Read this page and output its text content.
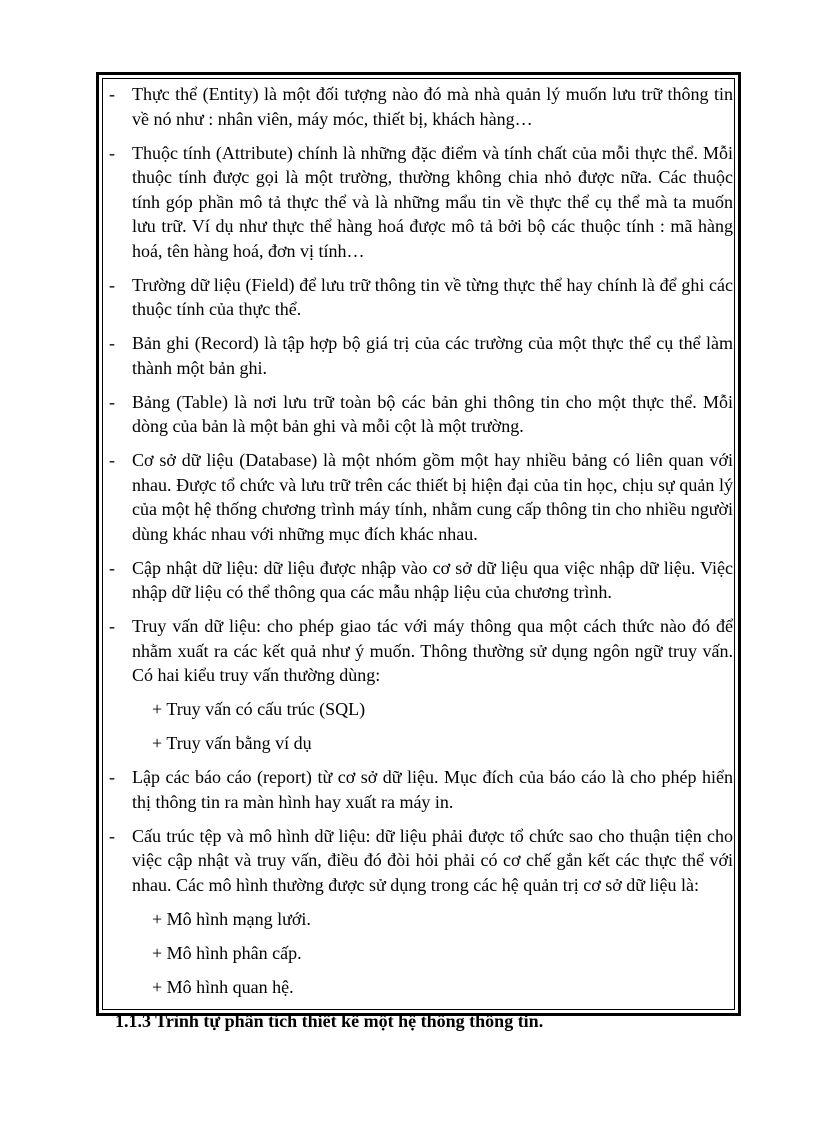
- Thực thể (Entity) là một đối tượng nào đó mà nhà quản lý muốn lưu trữ thông tin về nó như : nhân viên, máy móc, thiết bị, khách hàng…
- Thuộc tính (Attribute) chính là những đặc điểm và tính chất của mỗi thực thể. Mỗi thuộc tính được gọi là một trường, thường không chia nhỏ được nữa. Các thuộc tính góp phần mô tả thực thể và là những mẩu tin về thực thể cụ thể mà ta muốn lưu trữ. Ví dụ như thực thể hàng hoá được mô tả bởi bộ các thuộc tính : mã hàng hoá, tên hàng hoá, đơn vị tính…
- Trường dữ liệu (Field) để lưu trữ thông tin về từng thực thể hay chính là để ghi các thuộc tính của thực thể.
- Bản ghi (Record) là tập hợp bộ giá trị của các trường của một thực thể cụ thể làm thành một bản ghi.
- Bảng (Table) là nơi lưu trữ toàn bộ các bản ghi thông tin cho một thực thể. Mỗi dòng của bản là một bản ghi và mỗi cột là một trường.
- Cơ sở dữ liệu (Database) là một nhóm gồm một hay nhiều bảng có liên quan với nhau. Được tổ chức và lưu trữ trên các thiết bị hiện đại của tin học, chịu sự quản lý của một hệ thống chương trình máy tính, nhằm cung cấp thông tin cho nhiều người dùng khác nhau với những mục đích khác nhau.
- Cập nhật dữ liệu: dữ liệu được nhập vào cơ sở dữ liệu qua việc nhập dữ liệu. Việc nhập dữ liệu có thể thông qua các mẫu nhập liệu của chương trình.
- Truy vấn dữ liệu: cho phép giao tác với máy thông qua một cách thức nào đó để nhằm xuất ra các kết quả như ý muốn. Thông thường sử dụng ngôn ngữ truy vấn. Có hai kiểu truy vấn thường dùng:
+ Truy vấn có cấu trúc (SQL)
+ Truy vấn bằng ví dụ
- Lập các báo cáo (report) từ cơ sở dữ liệu. Mục đích của báo cáo là cho phép hiển thị thông tin ra màn hình hay xuất ra máy in.
- Cấu trúc tệp và mô hình dữ liệu: dữ liệu phải được tổ chức sao cho thuận tiện cho việc cập nhật và truy vấn, điều đó đòi hỏi phải có cơ chế gắn kết các thực thể với nhau. Các mô hình thường được sử dụng trong các hệ quản trị cơ sở dữ liệu là:
+ Mô hình mạng lưới.
+ Mô hình phân cấp.
+ Mô hình quan hệ.
1.1.3 Trình tự phân tích thiết kế một hệ thống thông tin.
